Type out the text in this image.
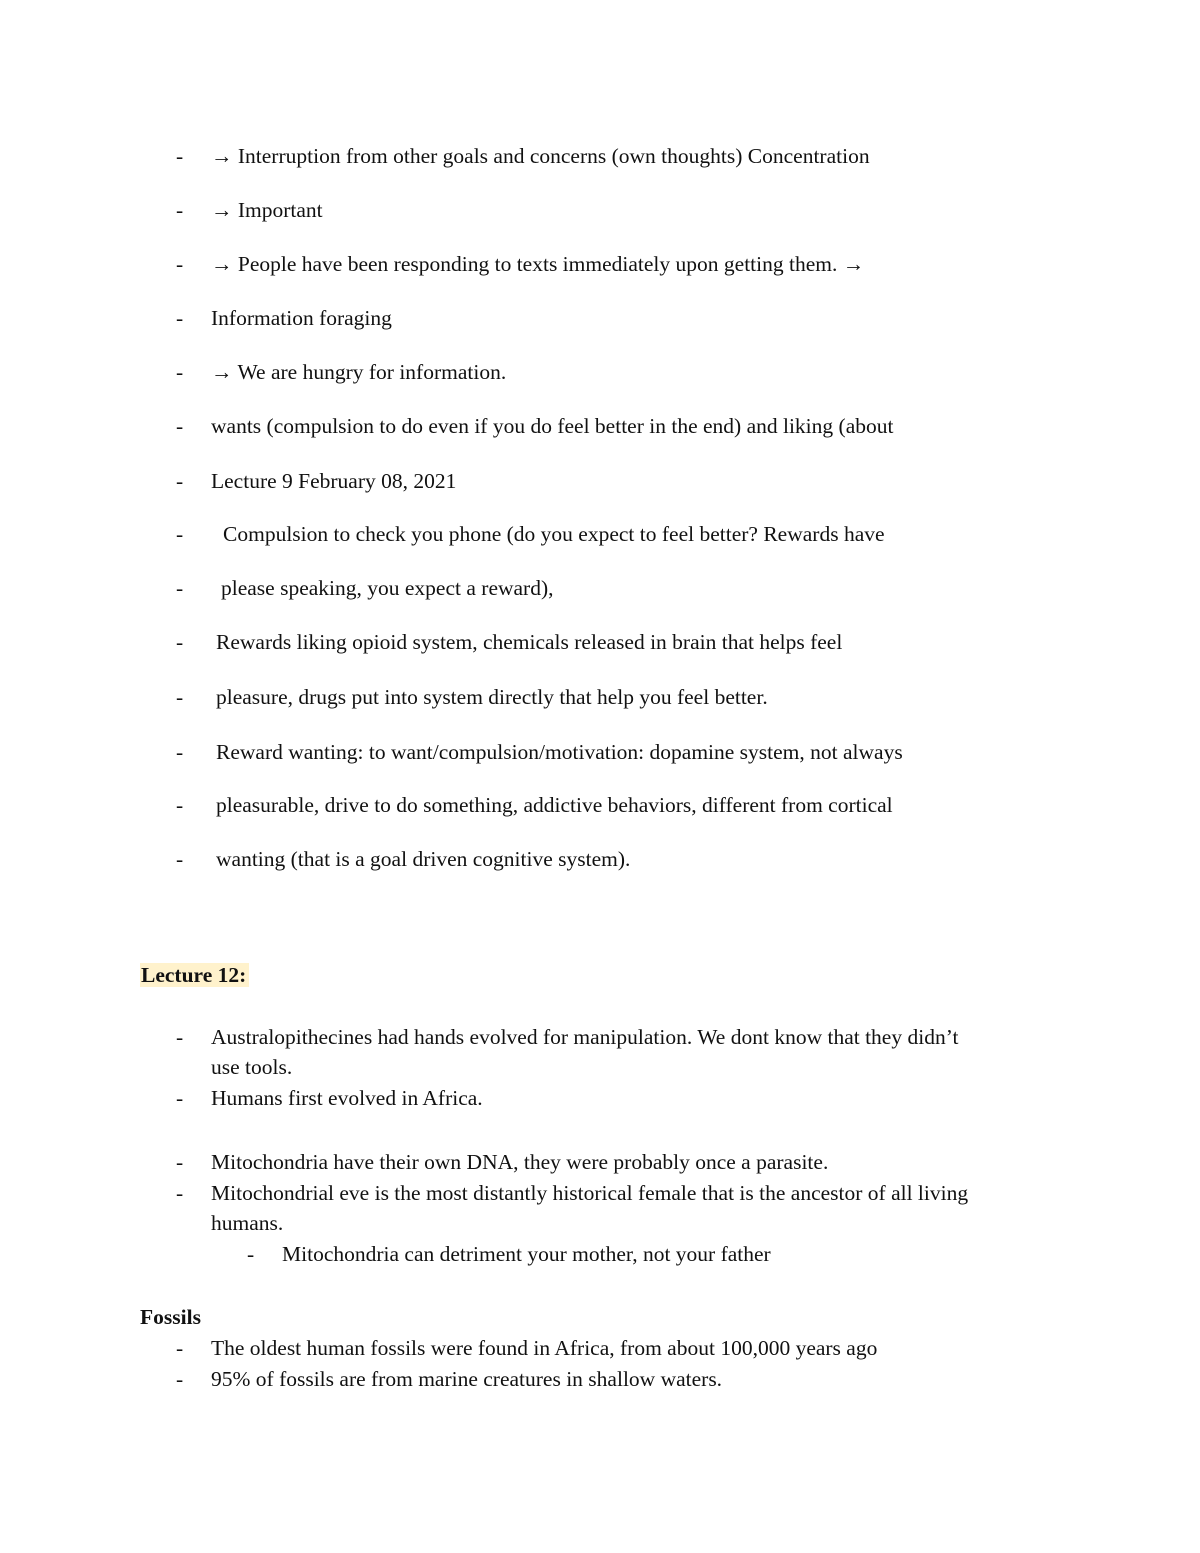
- → Interruption from other goals and concerns (own thoughts) Concentration
- → Important
- → People have been responding to texts immediately upon getting them. →
- Information foraging
- → We are hungry for information.
- wants (compulsion to do even if you do feel better in the end) and liking (about
- Lecture 9 February 08, 2021
- Compulsion to check you phone (do you expect to feel better? Rewards have
- please speaking, you expect a reward),
- Rewards liking opioid system, chemicals released in brain that helps feel
- pleasure, drugs put into system directly that help you feel better.
- Reward wanting: to want/compulsion/motivation: dopamine system, not always
- pleasurable, drive to do something, addictive behaviors, different from cortical
- wanting (that is a goal driven cognitive system).
Lecture 12:
- Australopithecines had hands evolved for manipulation. We dont know that they didn’t
use tools.
- Humans first evolved in Africa.
- Mitochondria have their own DNA, they were probably once a parasite.
- Mitochondrial eve is the most distantly historical female that is the ancestor of all living
humans.
- Mitochondria can detriment your mother, not your father
Fossils
- The oldest human fossils were found in Africa, from about 100,000 years ago
- 95% of fossils are from marine creatures in shallow waters.
